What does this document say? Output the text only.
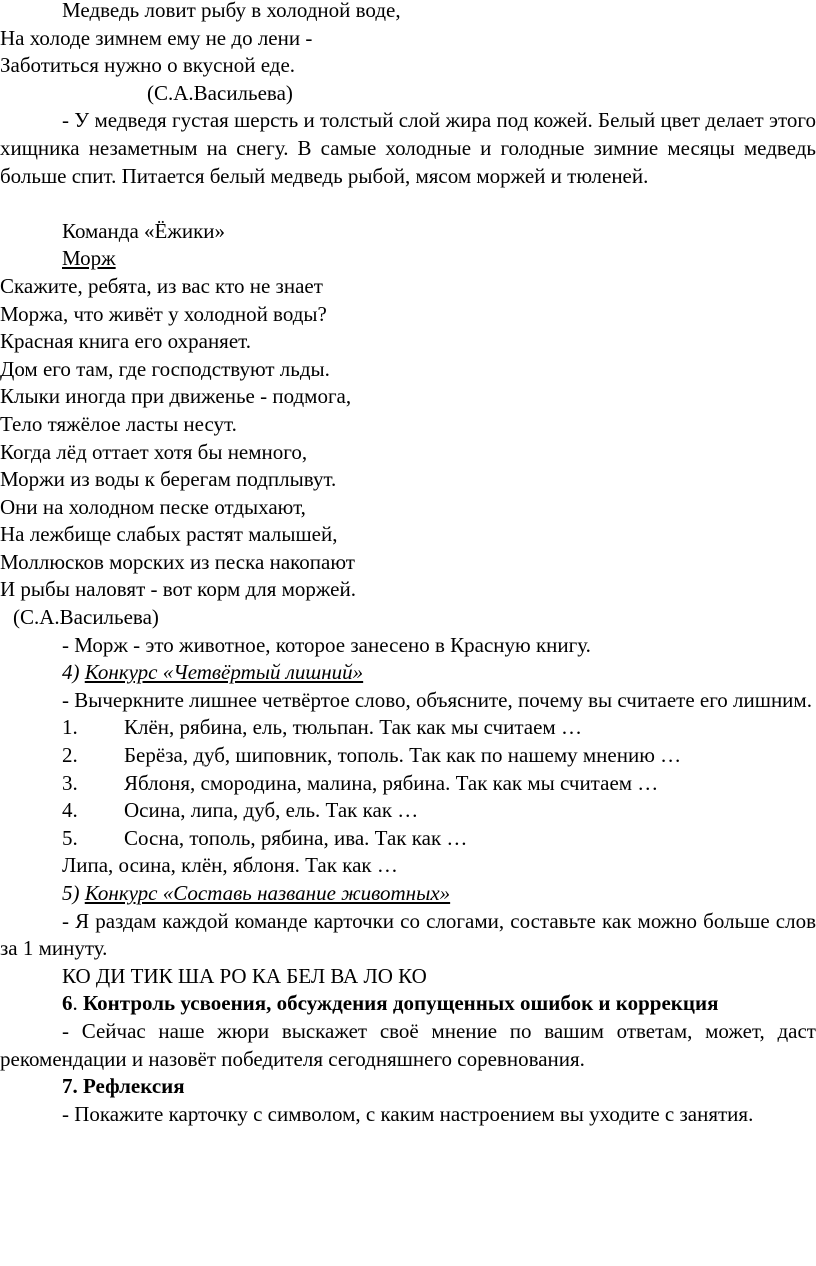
Медведь ловит рыбу в холодной воде,
На холоде зимнем ему не до лени -
Заботиться нужно о вкусной еде.
(С.А.Васильева)

- У медведя густая шерсть и толстый слой жира под кожей. Белый цвет делает этого хищника незаметным на снегу. В самые холодные и голодные зимние месяцы медведь больше спит. Питается белый медведь рыбой, мясом моржей и тюленей.

Команда «Ёжики»
Морж
Скажите, ребята, из вас кто не знает
Моржа, что живёт у холодной воды?
Красная книга его охраняет.
Дом его там, где господствуют льды.
Клыки иногда при движенье - подмога,
Тело тяжёлое ласты несут.
Когда лёд оттает хотя бы немного,
Моржи из воды к берегам подплывут.
Они на холодном песке отдыхают,
На лежбище слабых растят малышей,
Моллюсков морских из песка накопают
И рыбы наловят - вот корм для моржей.
(С.А.Васильева)
- Морж - это животное, которое занесено в Красную книгу.
4) Конкурс «Четвёртый лишний»

- Вычеркните лишнее четвёртое слово, объясните, почему вы считаете его лишним.

1.	Клён, рябина, ель, тюльпан. Так как мы считаем …
2.	Берёза, дуб, шиповник, тополь. Так как по нашему мнению …
3.	Яблоня, смородина, малина, рябина. Так как мы считаем …
4.	Осина, липа, дуб, ель. Так как …
5.	Сосна, тополь, рябина, ива. Так как …
Липа, осина, клён, яблоня. Так как …
5) Конкурс «Составь название животных»

- Я раздам каждой команде карточки со слогами, составьте как можно больше слов за 1 минуту.

КО ДИ ТИК ША РО КА БЕЛ ВА ЛО КО

6. Контроль усвоения, обсуждения допущенных ошибок и коррекция

- Сейчас наше жюри выскажет своё мнение по вашим ответам, может, даст рекомендации и назовёт победителя сегодняшнего соревнования.

7. Рефлексия

- Покажите карточку с символом, с каким настроением вы уходите с занятия.
